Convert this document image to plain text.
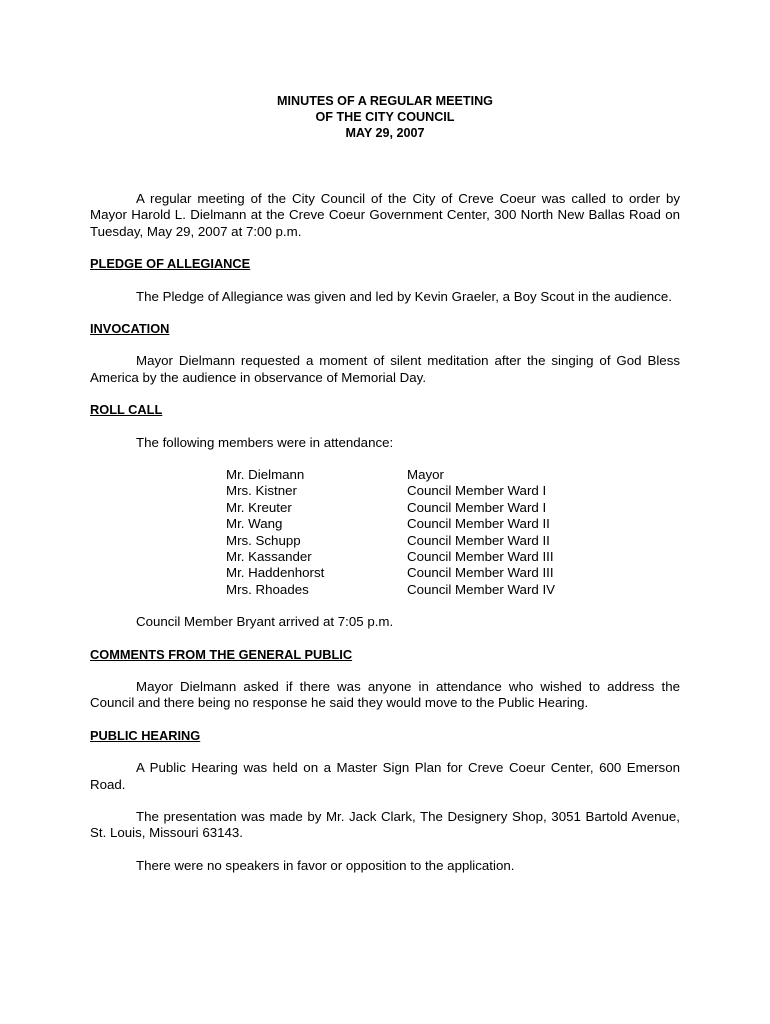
MINUTES OF A REGULAR MEETING
OF THE CITY COUNCIL
MAY 29, 2007

A regular meeting of the City Council of the City of Creve Coeur was called to order by Mayor Harold L. Dielmann at the Creve Coeur Government Center, 300 North New Ballas Road on Tuesday, May 29, 2007 at 7:00 p.m.

PLEDGE OF ALLEGIANCE

The Pledge of Allegiance was given and led by Kevin Graeler, a Boy Scout in the audience.

INVOCATION

Mayor Dielmann requested a moment of silent meditation after the singing of God Bless America by the audience in observance of Memorial Day.

ROLL CALL

The following members were in attendance:

Mr. Dielmann	Mayor
Mrs. Kistner	Council Member Ward I
Mr. Kreuter	Council Member Ward I
Mr. Wang	Council Member Ward II
Mrs. Schupp	Council Member Ward II
Mr. Kassander	Council Member Ward III
Mr. Haddenhorst	Council Member Ward III
Mrs. Rhoades	Council Member Ward IV

Council Member Bryant arrived at 7:05 p.m.

COMMENTS FROM THE GENERAL PUBLIC

Mayor Dielmann asked if there was anyone in attendance who wished to address the Council and there being no response he said they would move to the Public Hearing.

PUBLIC HEARING

A Public Hearing was held on a Master Sign Plan for Creve Coeur Center, 600 Emerson Road.

The presentation was made by Mr. Jack Clark, The Designery Shop, 3051 Bartold Avenue, St. Louis, Missouri 63143.

There were no speakers in favor or opposition to the application.
